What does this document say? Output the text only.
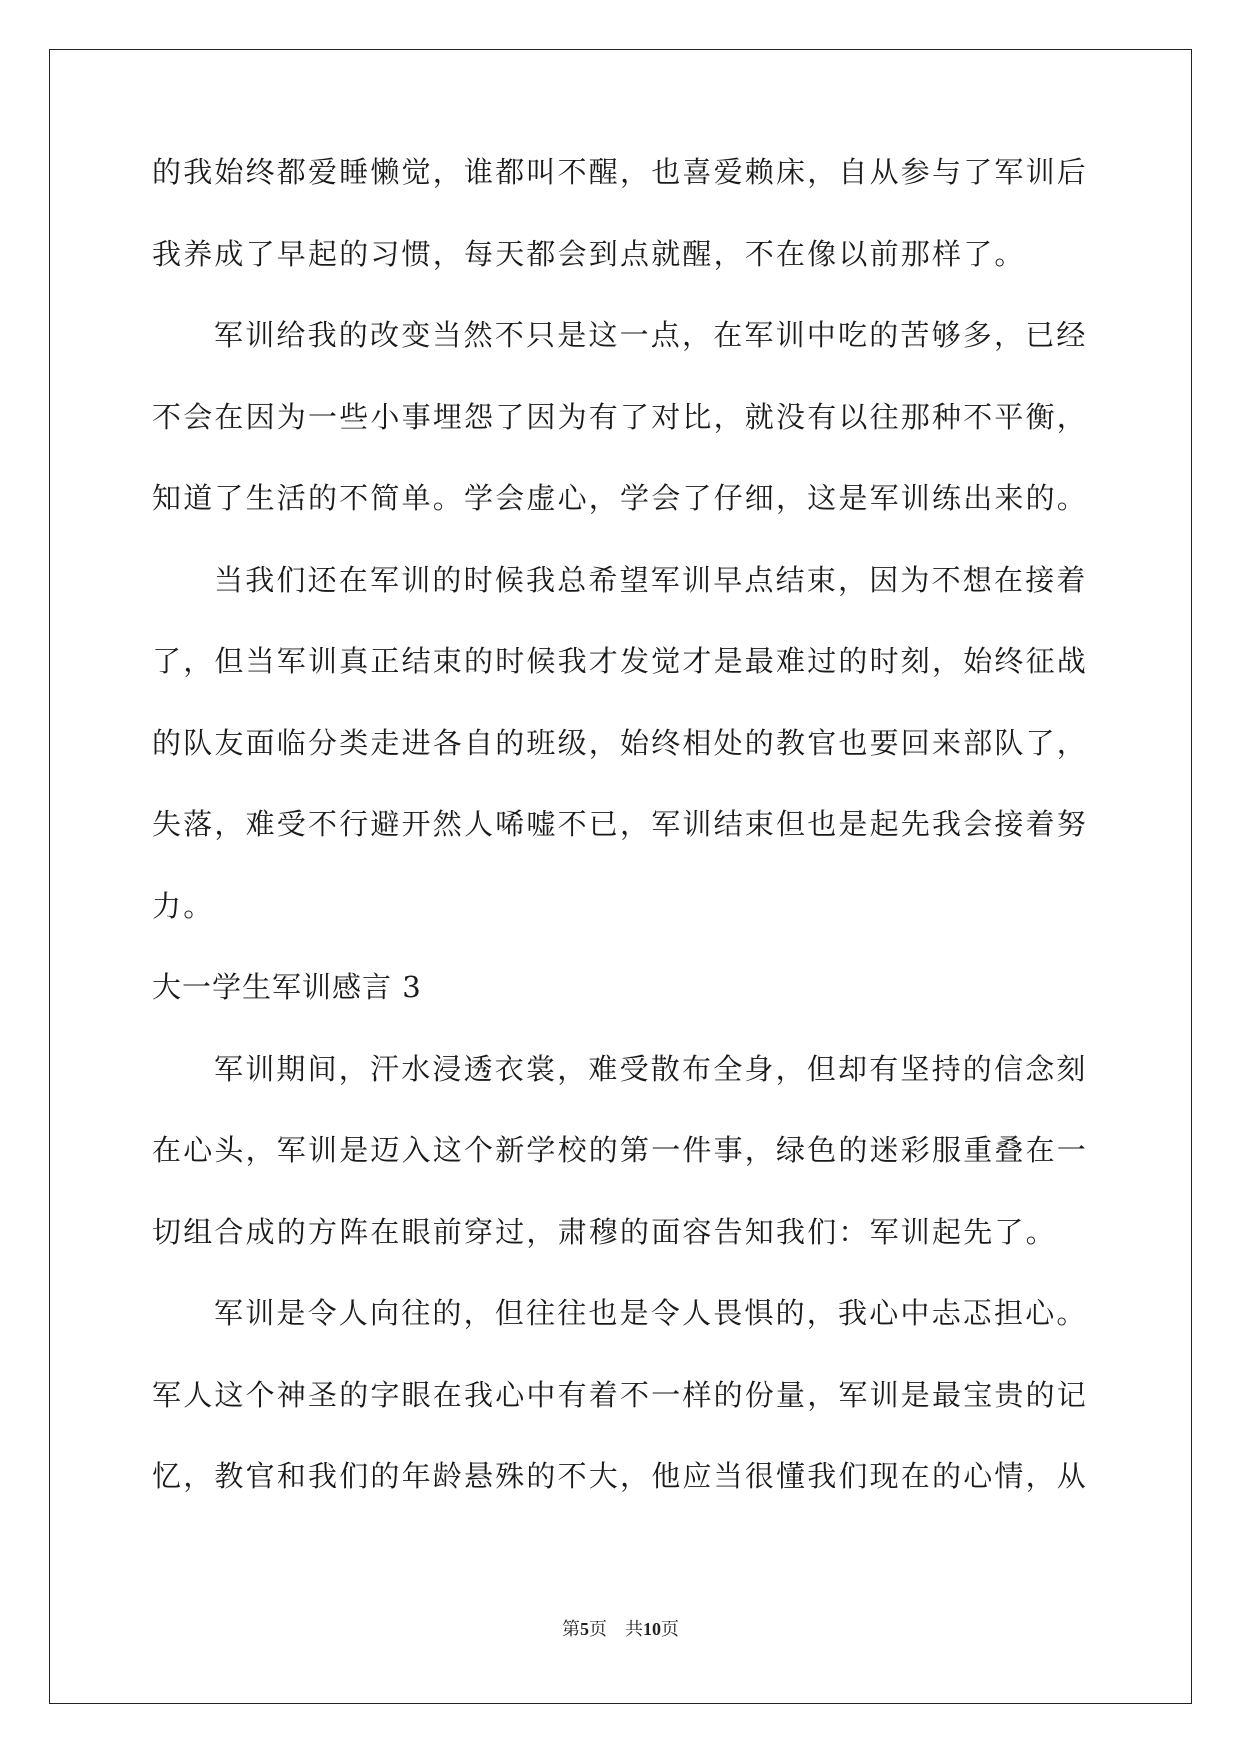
的我始终都爱睡懒觉，谁都叫不醒，也喜爱赖床，自从参与了军训后
我养成了早起的习惯，每天都会到点就醒，不在像以前那样了。
军训给我的改变当然不只是这一点，在军训中吃的苦够多，已经
不会在因为一些小事埋怨了因为有了对比，就没有以往那种不平衡，
知道了生活的不简单。学会虚心，学会了仔细，这是军训练出来的。
当我们还在军训的时候我总希望军训早点结束，因为不想在接着
了，但当军训真正结束的时候我才发觉才是最难过的时刻，始终征战
的队友面临分类走进各自的班级，始终相处的教官也要回来部队了，
失落，难受不行避开然人唏嘘不已，军训结束但也是起先我会接着努
力。
大一学生军训感言 3
军训期间，汗水浸透衣裳，难受散布全身，但却有坚持的信念刻
在心头，军训是迈入这个新学校的第一件事，绿色的迷彩服重叠在一
切组合成的方阵在眼前穿过，肃穆的面容告知我们：军训起先了。
军训是令人向往的，但往往也是令人畏惧的，我心中忐忑担心。
军人这个神圣的字眼在我心中有着不一样的份量，军训是最宝贵的记
忆，教官和我们的年龄悬殊的不大，他应当很懂我们现在的心情，从
第5页 共10页
